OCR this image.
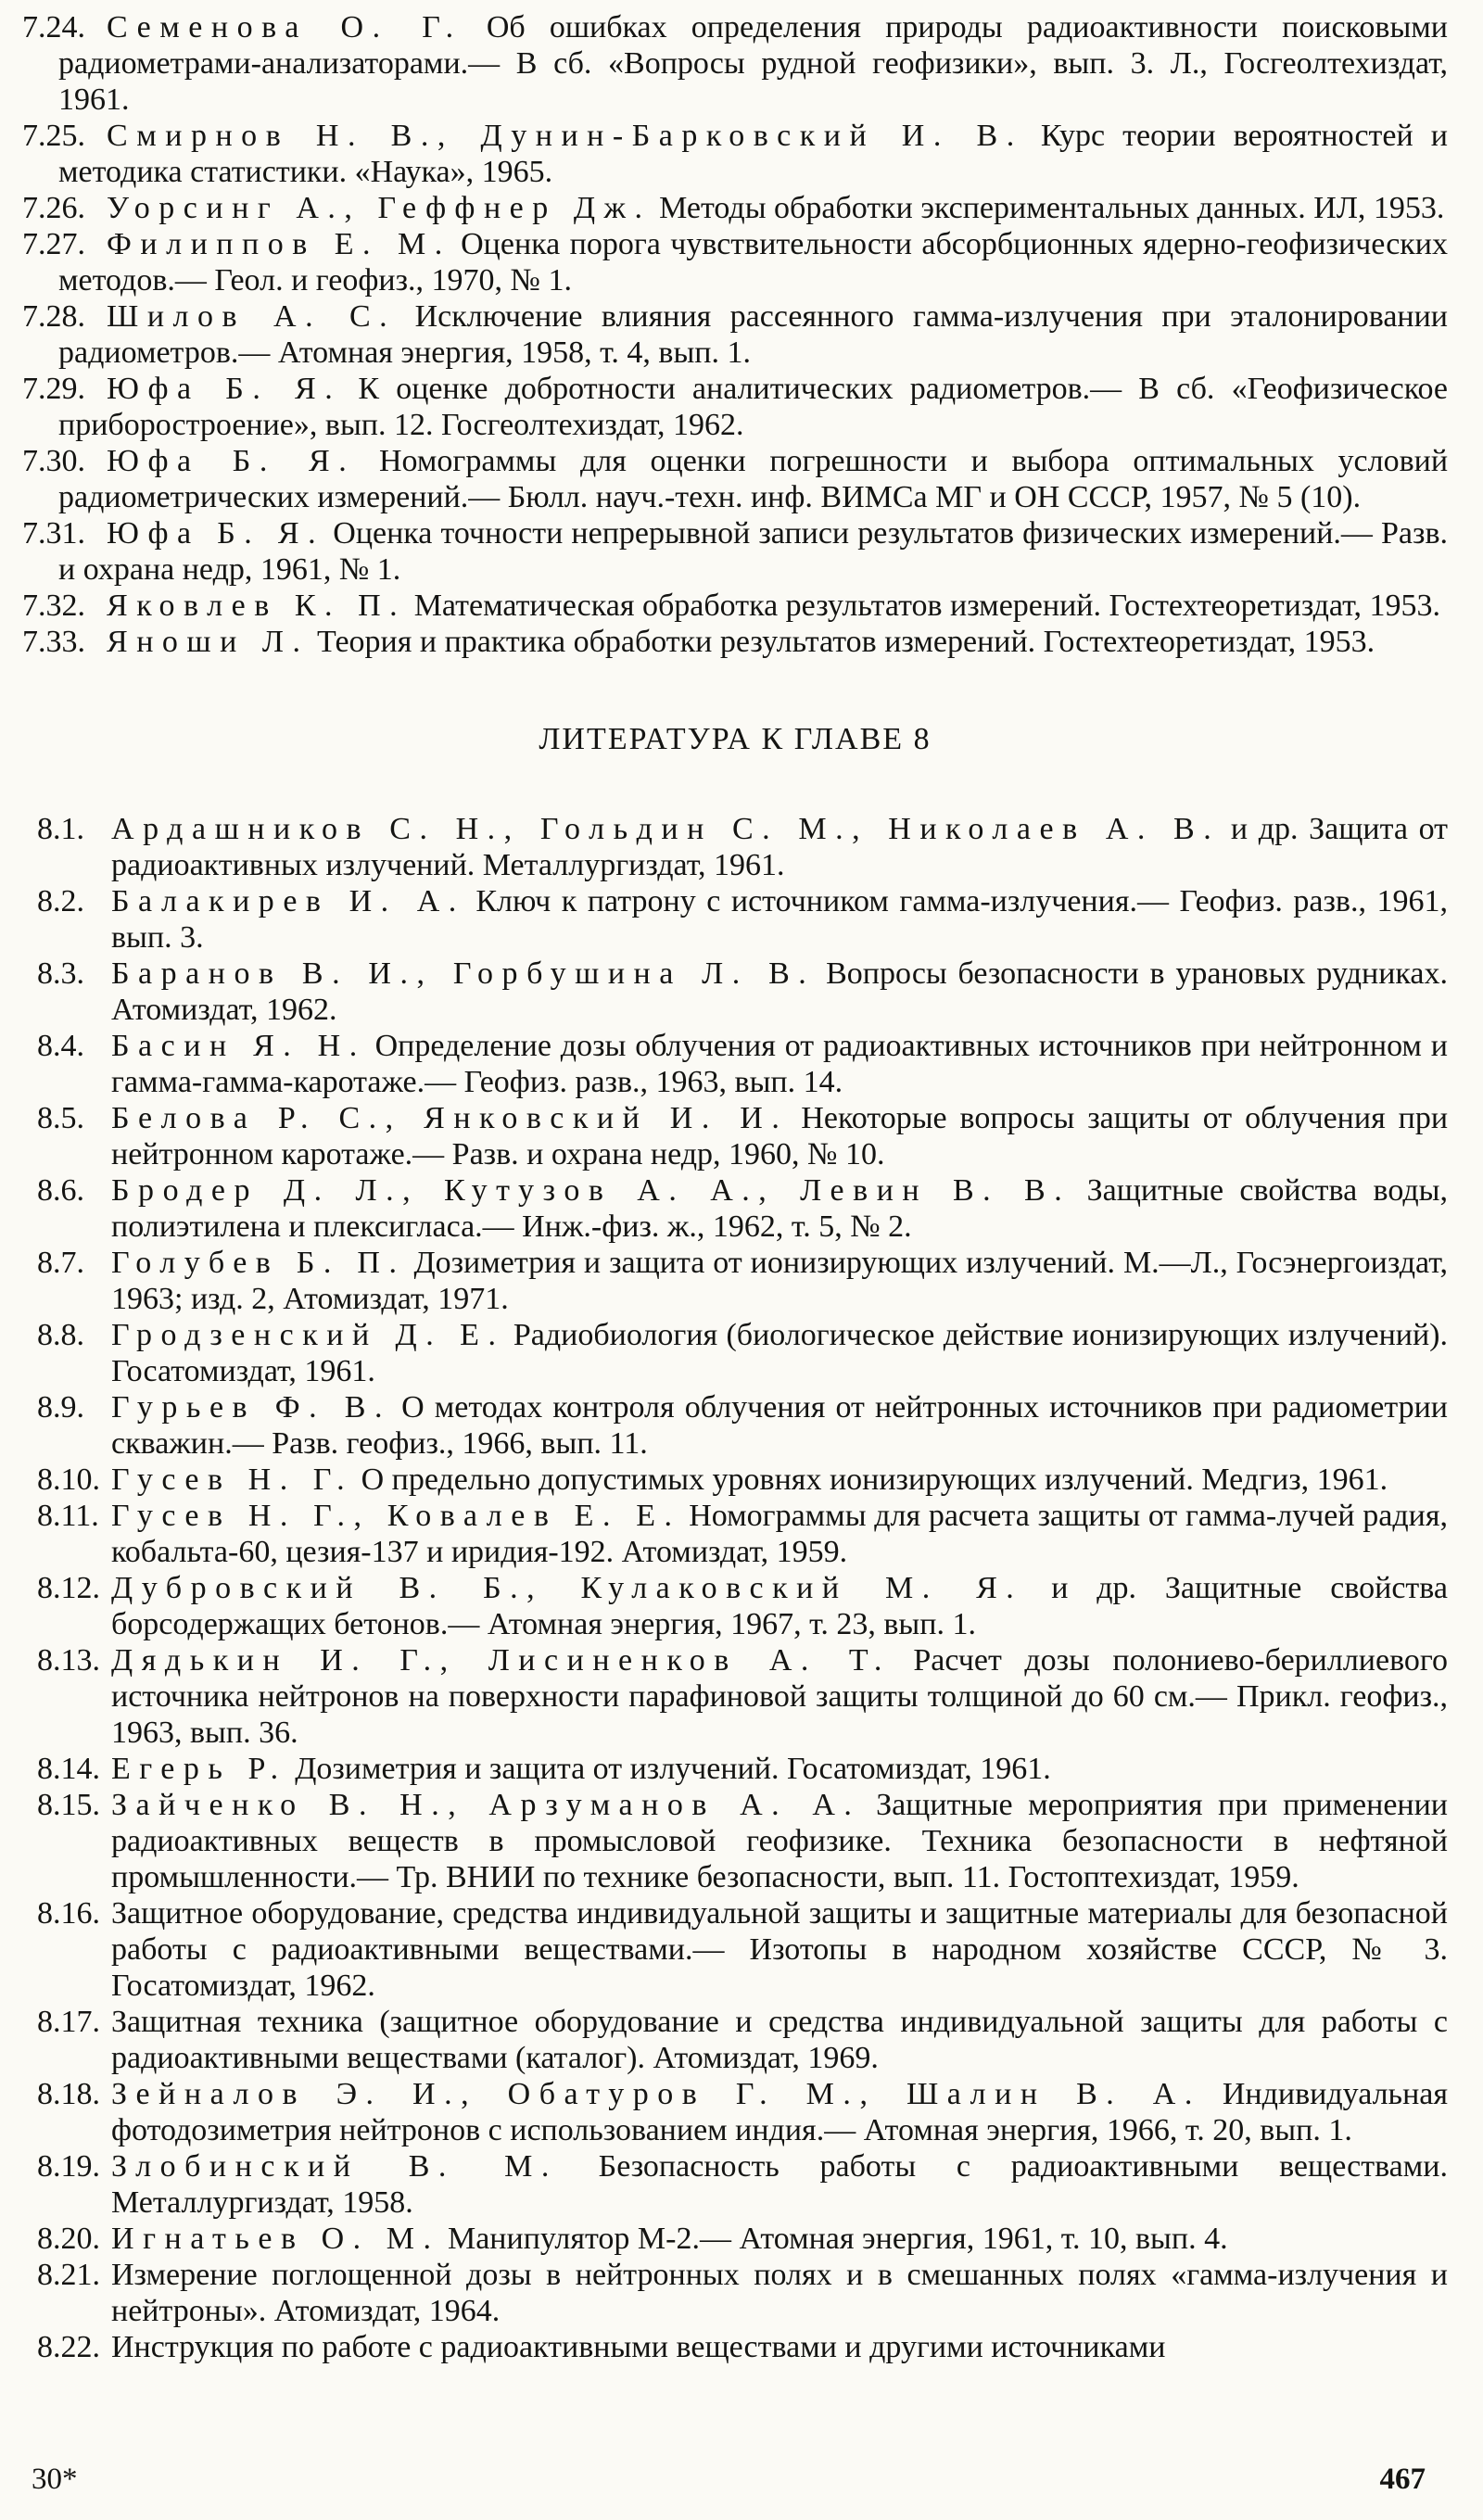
7.24. Семенова О. Г. Об ошибках определения природы радиоактивности поисковыми радиометрами-анализаторами.— В сб. «Вопросы рудной геофизики», вып. 3. Л., Госгеолтехиздат, 1961.

7.25. Смирнов Н. В., Дунин-Барковский И. В. Курс теории вероятностей и методика статистики. «Наука», 1965.

7.26. Уорсинг А., Геффнер Дж. Методы обработки экспериментальных данных. ИЛ, 1953.

7.27. Филиппов Е. М. Оценка порога чувствительности абсорбционных ядерно-геофизических методов.— Геол. и геофиз., 1970, № 1.

7.28. Шилов А. С. Исключение влияния рассеянного гамма-излучения при эталонировании радиометров.— Атомная энергия, 1958, т. 4, вып. 1.

7.29. Юфа Б. Я. К оценке добротности аналитических радиометров.— В сб. «Геофизическое приборостроение», вып. 12. Госгеолтехиздат, 1962.

7.30. Юфа Б. Я. Номограммы для оценки погрешности и выбора оптимальных условий радиометрических измерений.— Бюлл. науч.-техн. инф. ВИМСа МГ и ОН СССР, 1957, № 5 (10).

7.31. Юфа Б. Я. Оценка точности непрерывной записи результатов физических измерений.— Разв. и охрана недр, 1961, № 1.

7.32. Яковлев К. П. Математическая обработка результатов измерений. Гостехтеоретиздат, 1953.

7.33. Яноши Л. Теория и практика обработки результатов измерений. Гостехтеоретиздат, 1953.

ЛИТЕРАТУРА К ГЛАВЕ 8

8.1. Ардашников С. Н., Гольдин С. М., Николаев А. В. и др. Защита от радиоактивных излучений. Металлургиздат, 1961.

8.2. Балакирев И. А. Ключ к патрону с источником гамма-излучения.— Геофиз. разв., 1961, вып. 3.

8.3. Баранов В. И., Горбушина Л. В. Вопросы безопасности в урановых рудниках. Атомиздат, 1962.

8.4. Басин Я. Н. Определение дозы облучения от радиоактивных источников при нейтронном и гамма-гамма-каротаже.— Геофиз. разв., 1963, вып. 14.

8.5. Белова Р. С., Янковский И. И. Некоторые вопросы защиты от облучения при нейтронном каротаже.— Разв. и охрана недр, 1960, № 10.

8.6. Бродер Д. Л., Кутузов А. А., Левин В. В. Защитные свойства воды, полиэтилена и плексигласа.— Инж.-физ. ж., 1962, т. 5, № 2.

8.7. Голубев Б. П. Дозиметрия и защита от ионизирующих излучений. М.—Л., Госэнергоиздат, 1963; изд. 2, Атомиздат, 1971.

8.8. Гродзенский Д. Е. Радиобиология (биологическое действие ионизирующих излучений). Госатомиздат, 1961.

8.9. Гурьев Ф. В. О методах контроля облучения от нейтронных источников при радиометрии скважин.— Разв. геофиз., 1966, вып. 11.

8.10. Гусев Н. Г. О предельно допустимых уровнях ионизирующих излучений. Медгиз, 1961.

8.11. Гусев Н. Г., Ковалев Е. Е. Номограммы для расчета защиты от гамма-лучей радия, кобальта-60, цезия-137 и иридия-192. Атомиздат, 1959.

8.12. Дубровский В. Б., Кулаковский М. Я. и др. Защитные свойства борсодержащих бетонов.— Атомная энергия, 1967, т. 23, вып. 1.

8.13. Дядькин И. Г., Лисиненков А. Т. Расчет дозы полониево-бериллиевого источника нейтронов на поверхности парафиновой защиты толщиной до 60 см.— Прикл. геофиз., 1963, вып. 36.

8.14. Егерь Р. Дозиметрия и защита от излучений. Госатомиздат, 1961.

8.15. Зайченко В. Н., Арзуманов А. А. Защитные мероприятия при применении радиоактивных веществ в промысловой геофизике. Техника безопасности в нефтяной промышленности.— Тр. ВНИИ по технике безопасности, вып. 11. Гостоптехиздат, 1959.

8.16. Защитное оборудование, средства индивидуальной защиты и защитные материалы для безопасной работы с радиоактивными веществами.— Изотопы в народном хозяйстве СССР, № 3. Госатомиздат, 1962.

8.17. Защитная техника (защитное оборудование и средства индивидуальной защиты для работы с радиоактивными веществами (каталог). Атомиздат, 1969.

8.18. Зейналов Э. И., Обатуров Г. М., Шалин В. А. Индивидуальная фотодозиметрия нейтронов с использованием индия.— Атомная энергия, 1966, т. 20, вып. 1.

8.19. Злобинский В. М. Безопасность работы с радиоактивными веществами. Металлургиздат, 1958.

8.20. Игнатьев О. М. Манипулятор М-2.— Атомная энергия, 1961, т. 10, вып. 4.

8.21. Измерение поглощенной дозы в нейтронных полях и в смешанных полях «гамма-излучения и нейтроны». Атомиздат, 1964.

8.22. Инструкция по работе с радиоактивными веществами и другими источниками

30*	467
